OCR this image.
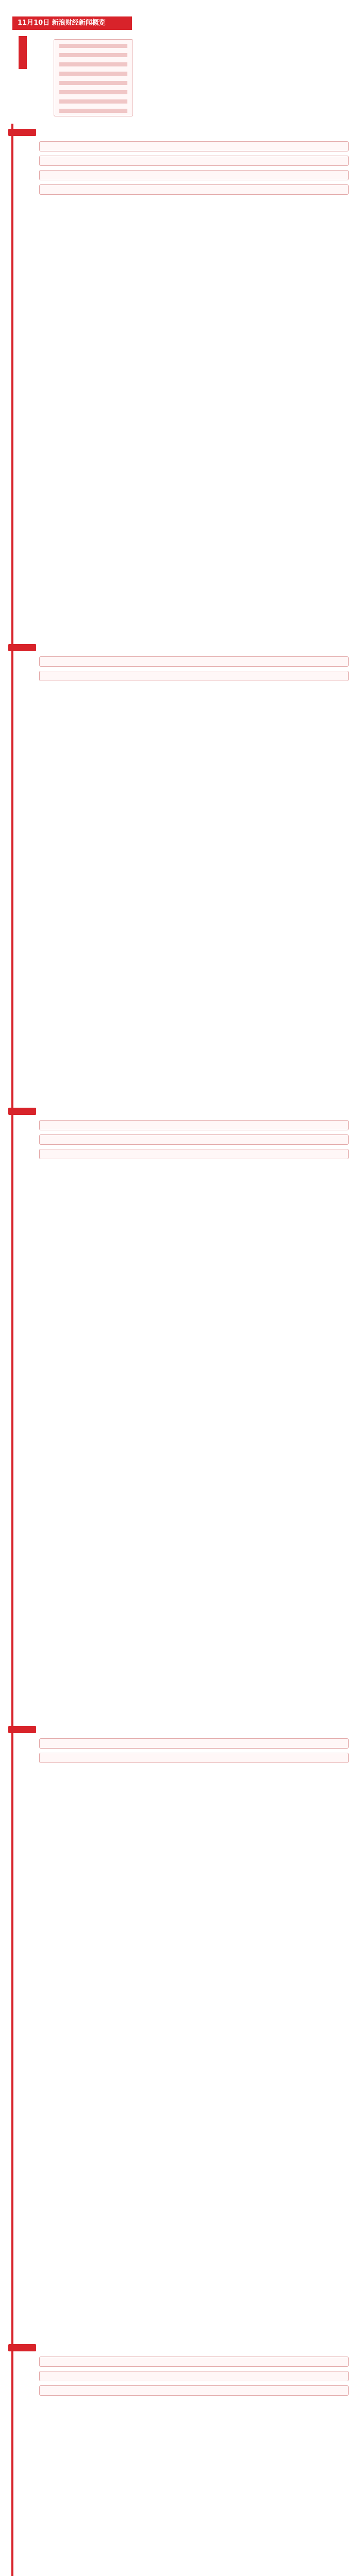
11月10日 新浪财经新闻概览
